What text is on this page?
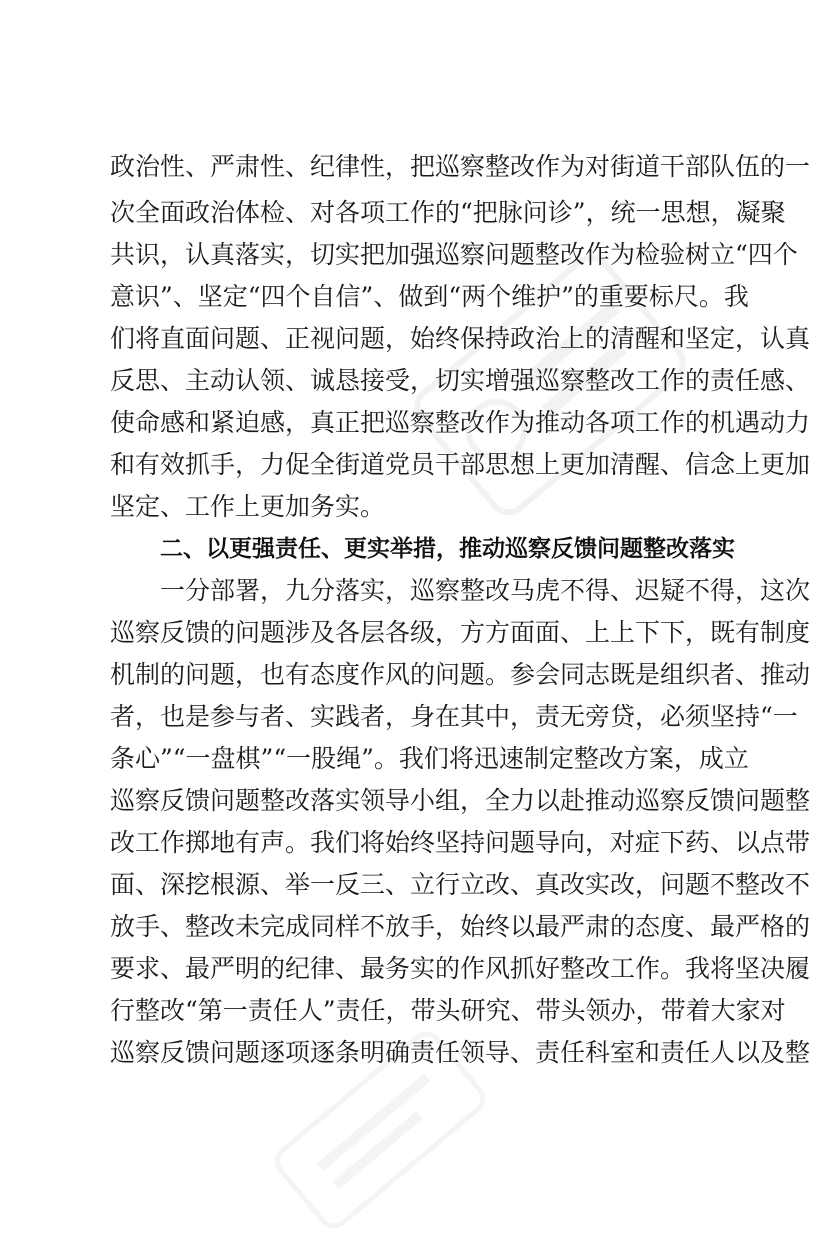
政治性、严肃性、纪律性，把巡察整改作为对街道干部队伍的一
次全面政治体检、对各项工作的“把脉问诊”，统一思想，凝聚
共识，认真落实，切实把加强巡察问题整改作为检验树立“四个
意识”、坚定“四个自信”、做到“两个维护”的重要标尺。我
们将直面问题、正视问题，始终保持政治上的清醒和坚定，认真
反思、主动认领、诚恳接受，切实增强巡察整改工作的责任感、
使命感和紧迫感，真正把巡察整改作为推动各项工作的机遇动力
和有效抓手，力促全街道党员干部思想上更加清醒、信念上更加
坚定、工作上更加务实。
二、以更强责任、更实举措，推动巡察反馈问题整改落实
一分部署，九分落实，巡察整改马虎不得、迟疑不得，这次
巡察反馈的问题涉及各层各级，方方面面、上上下下，既有制度
机制的问题，也有态度作风的问题。参会同志既是组织者、推动
者，也是参与者、实践者，身在其中，责无旁贷，必须坚持“一
条心”“一盘棋”“一股绳”。我们将迅速制定整改方案，成立
巡察反馈问题整改落实领导小组，全力以赴推动巡察反馈问题整
改工作掷地有声。我们将始终坚持问题导向，对症下药、以点带
面、深挖根源、举一反三、立行立改、真改实改，问题不整改不
放手、整改未完成同样不放手，始终以最严肃的态度、最严格的
要求、最严明的纪律、最务实的作风抓好整改工作。我将坚决履
行整改“第一责任人”责任，带头研究、带头领办，带着大家对
巡察反馈问题逐项逐条明确责任领导、责任科室和责任人以及整
